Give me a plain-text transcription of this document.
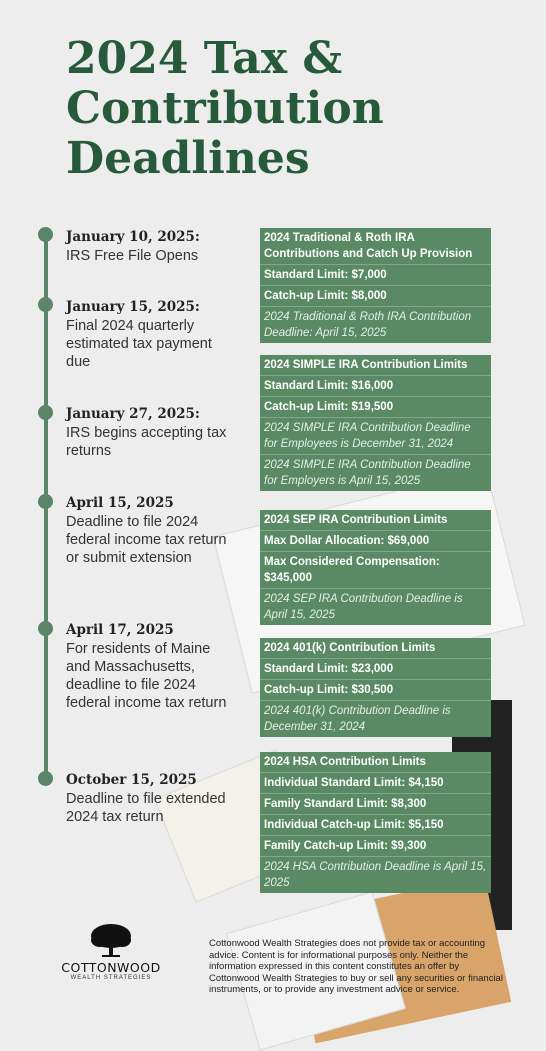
2024 Tax &
Contribution
Deadlines
January 10, 2025:
IRS Free File Opens
January 15, 2025:
Final 2024 quarterly estimated tax payment due
January 27, 2025:
IRS begins accepting tax returns
April 15, 2025
Deadline to file 2024 federal income tax return or submit extension
April 17, 2025
For residents of Maine and Massachusetts, deadline to file 2024 federal income tax return
October 15, 2025
Deadline to file extended 2024 tax return
2024 Traditional & Roth IRA Contributions and Catch Up Provision
Standard Limit: $7,000
Catch-up Limit: $8,000
2024 Traditional & Roth IRA Contribution Deadline: April 15, 2025
2024 SIMPLE IRA Contribution Limits
Standard Limit: $16,000
Catch-up Limit: $19,500
2024 SIMPLE IRA Contribution Deadline for Employees is December 31, 2024
2024 SIMPLE IRA Contribution Deadline for Employers is April 15, 2025
2024 SEP IRA Contribution Limits
Max Dollar Allocation: $69,000
Max Considered Compensation: $345,000
2024 SEP IRA Contribution Deadline is April 15, 2025
2024 401(k) Contribution Limits
Standard Limit: $23,000
Catch-up Limit: $30,500
2024 401(k) Contribution Deadline is December 31, 2024
2024 HSA Contribution Limits
Individual Standard Limit: $4,150
Family Standard Limit: $8,300
Individual Catch-up Limit: $5,150
Family Catch-up Limit: $9,300
2024 HSA Contribution Deadline is April 15, 2025
COTTONWOOD
WEALTH STRATEGIES
Cottonwood Wealth Strategies does not provide tax or accounting advice. Content is for informational purposes only. Neither the information expressed in this content constitutes an offer by Cottonwood Wealth Strategies to buy or sell any securities or financial instruments, or to provide any investment advice or service.
